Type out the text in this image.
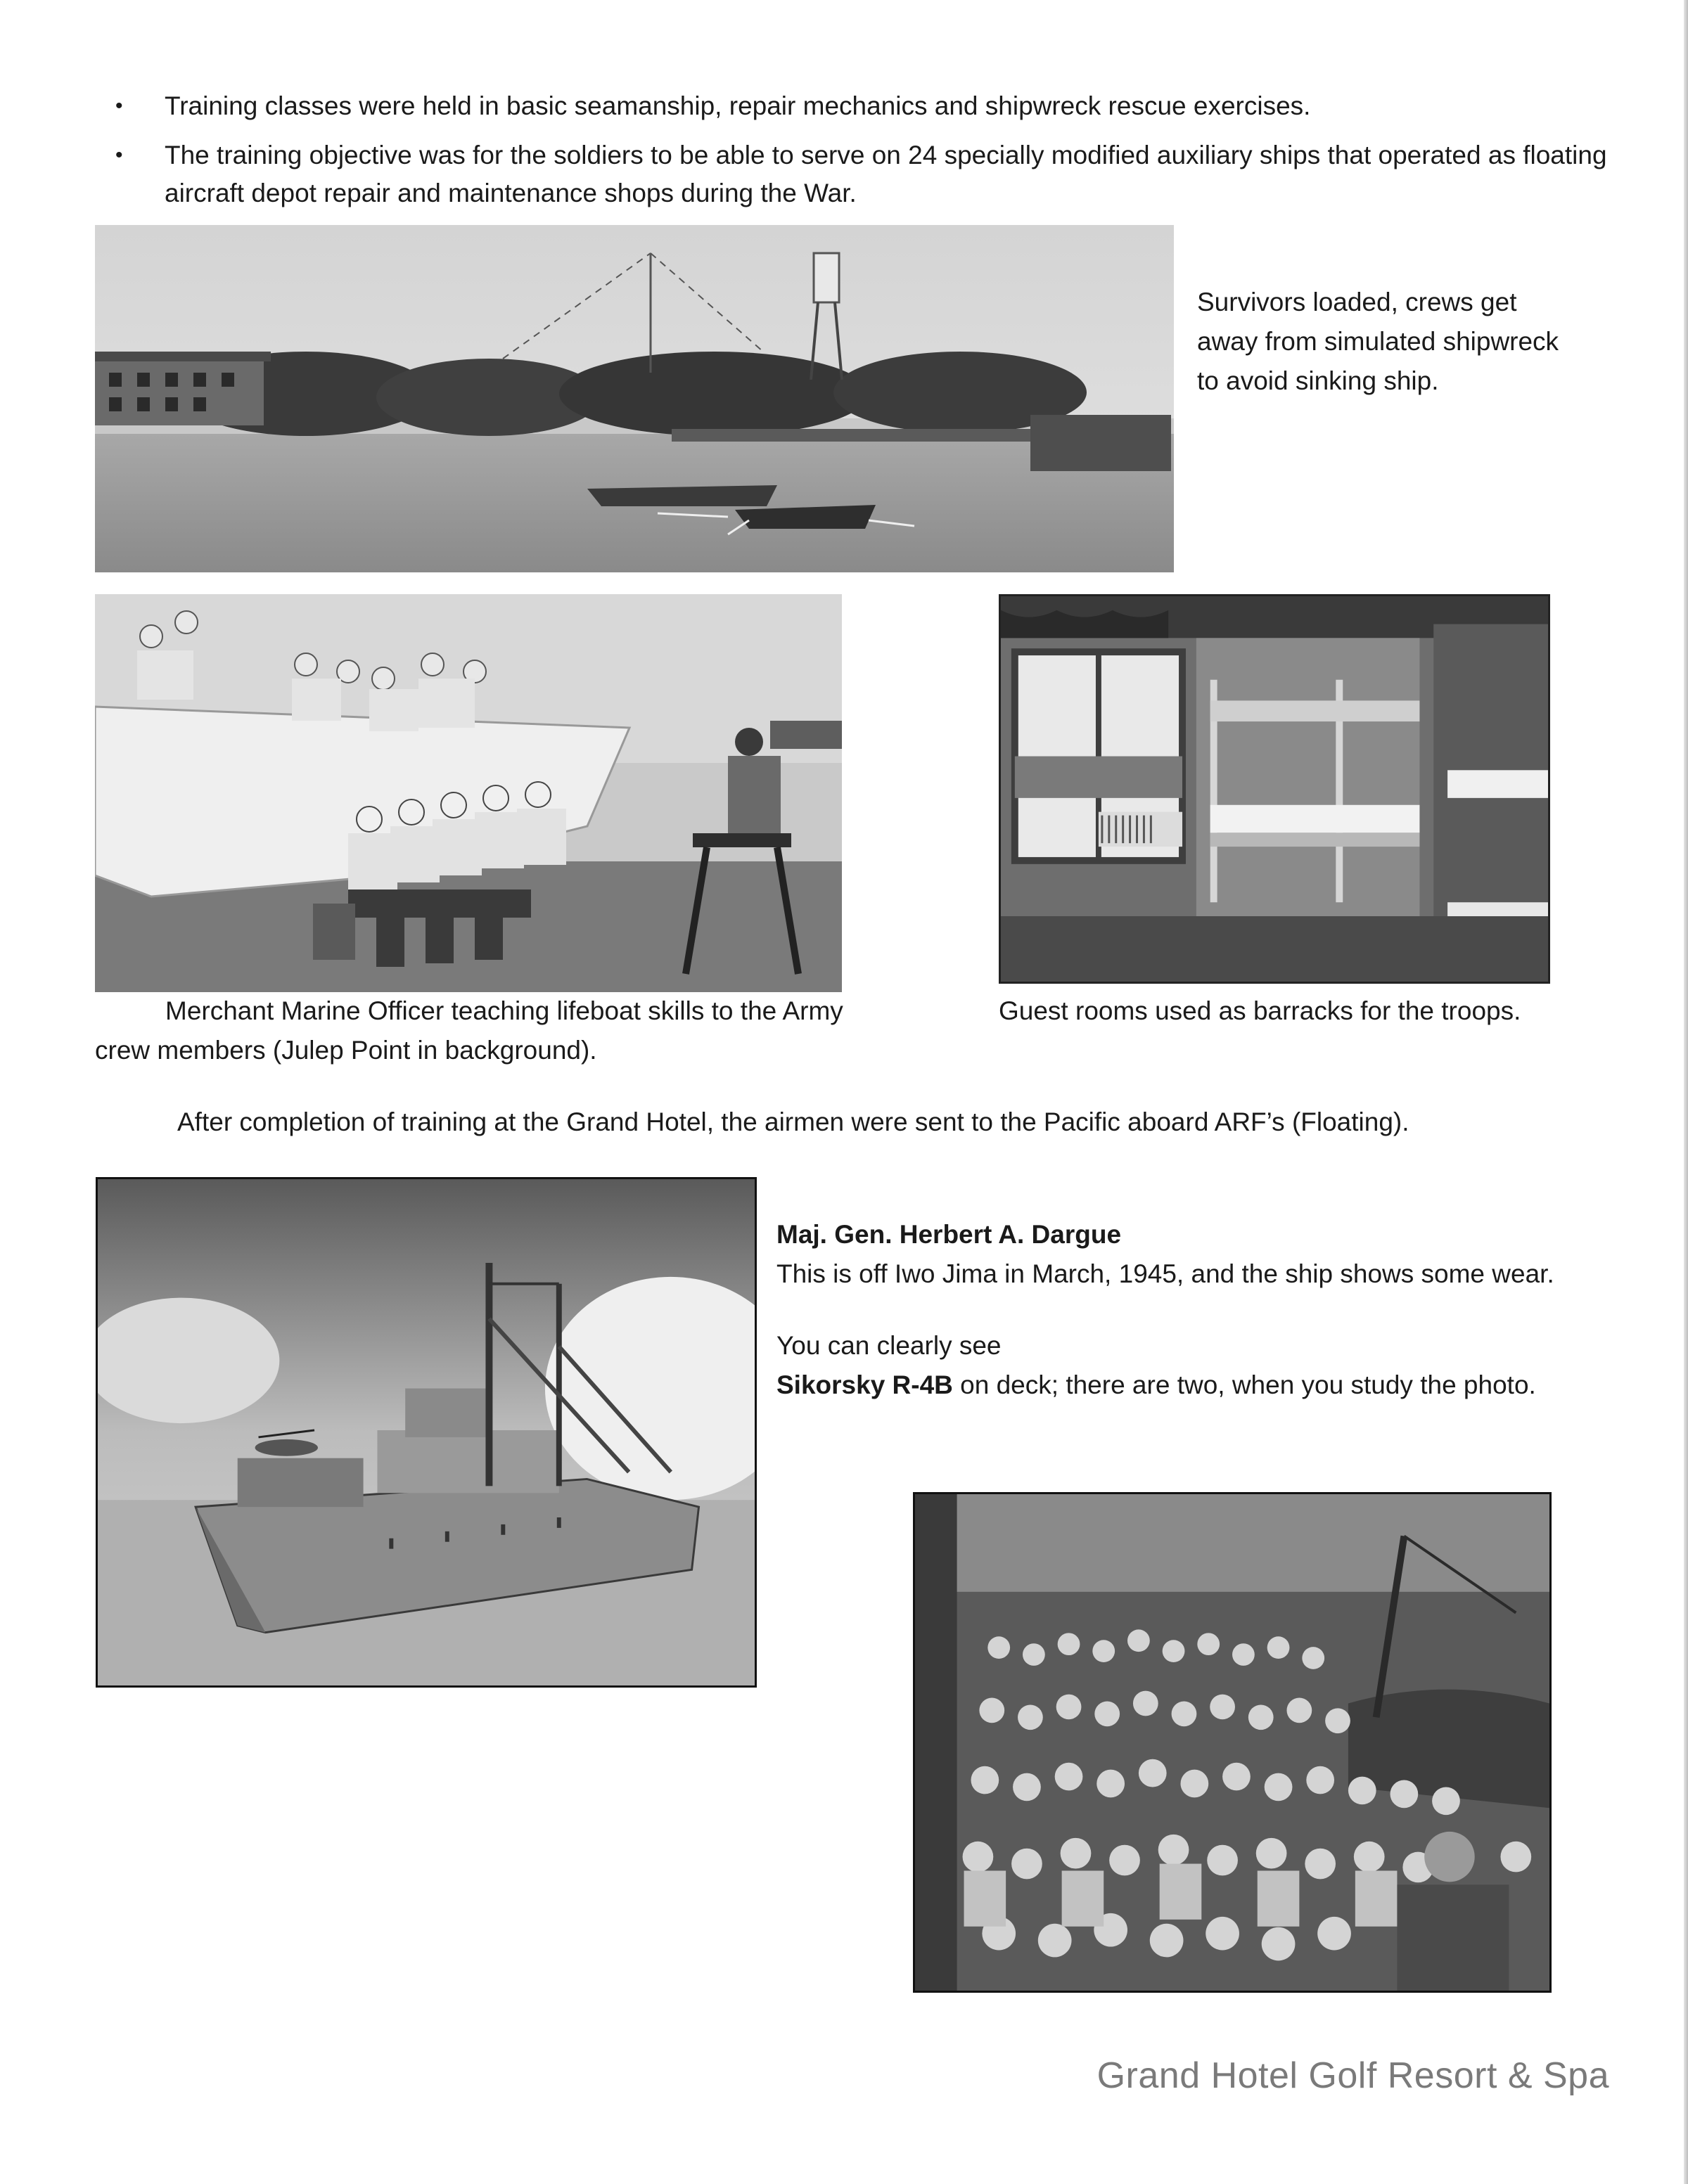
• Training classes were held in basic seamanship, repair mechanics and shipwreck rescue exercises.
• The training objective was for the soldiers to be able to serve on 24 specially modified auxiliary ships that operated as floating aircraft depot repair and maintenance shops during the War.
Survivors loaded, crews get away from simulated shipwreck to avoid sinking ship.
Merchant Marine Officer teaching lifeboat skills to the Army crew members (Julep Point in background).
Guest rooms used as barracks for the troops.
After completion of training at the Grand Hotel, the airmen were sent to the Pacific aboard ARF’s (Floating).

Maj. Gen. Herbert A. Dargue

This is off Iwo Jima in March, 1945, and the ship shows some wear.

You can clearly see

Sikorsky R-4B on deck; there are two, when you study the photo.

Grand Hotel Golf Resort & Spa
